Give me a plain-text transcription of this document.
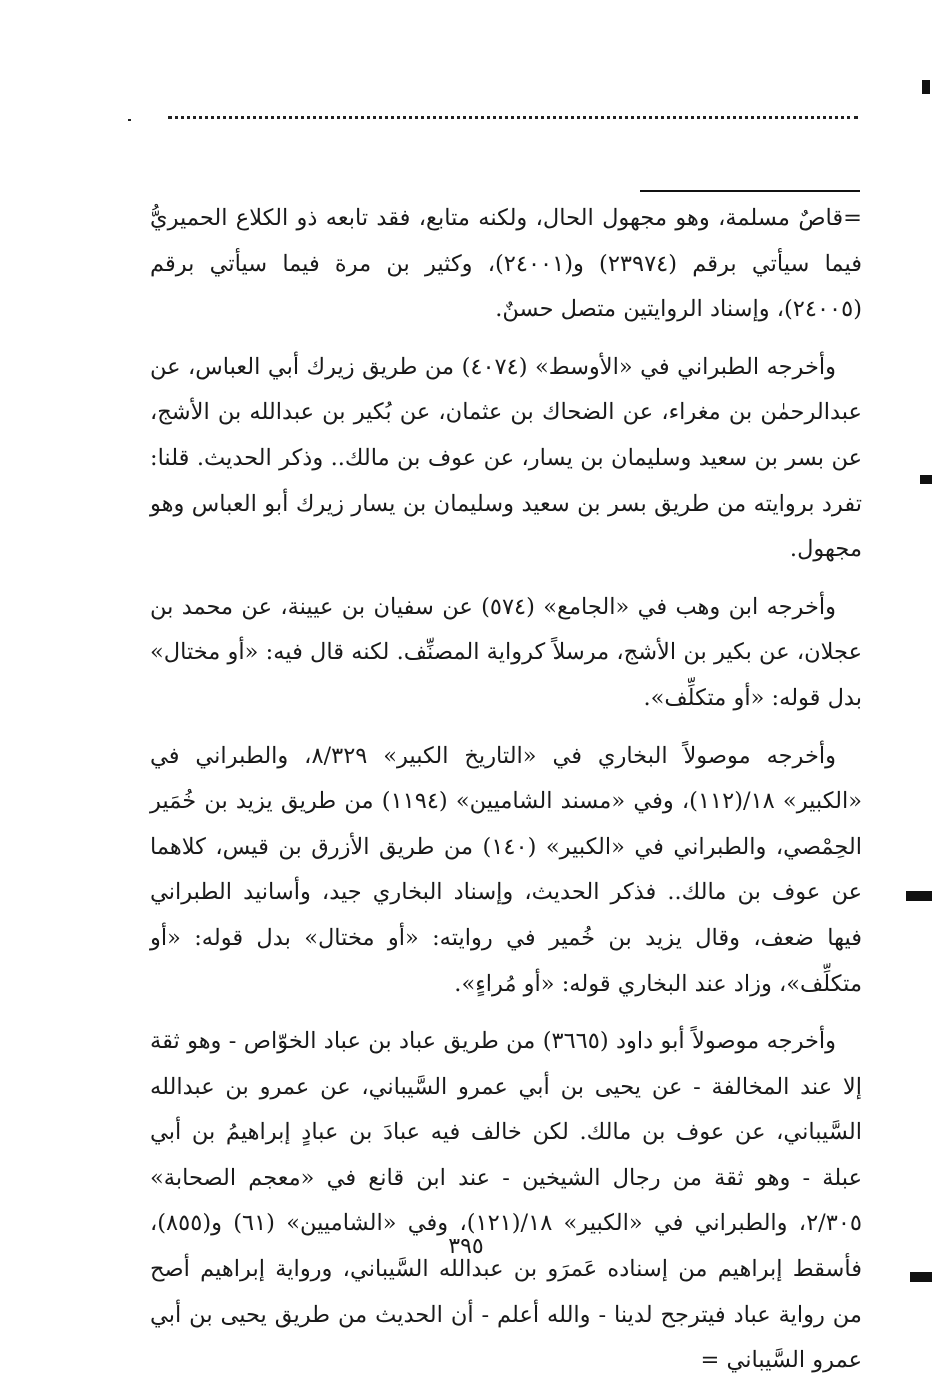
=قاصٌ مسلمة، وهو مجهول الحال، ولكنه متابع، فقد تابعه ذو الكلاع الحميريُّ فيما سيأتي برقم (٢٣٩٧٤) و(٢٤٠٠١)، وكثير بن مرة فيما سيأتي برقم (٢٤٠٠٥)، وإسناد الروايتين متصل حسنٌ.

وأخرجه الطبراني في «الأوسط» (٤٠٧٤) من طريق زيرك أبي العباس، عن عبدالرحمٰن بن مغراء، عن الضحاك بن عثمان، عن بُكير بن عبدالله بن الأشج، عن بسر بن سعيد وسليمان بن يسار، عن عوف بن مالك.. وذكر الحديث. قلنا: تفرد بروايته من طريق بسر بن سعيد وسليمان بن يسار زيرك أبو العباس وهو مجهول.

وأخرجه ابن وهب في «الجامع» (٥٧٤) عن سفيان بن عيينة، عن محمد بن عجلان، عن بكير بن الأشج، مرسلاً كرواية المصنِّف. لكنه قال فيه: «أو مختال» بدل قوله: «أو متكلِّف».

وأخرجه موصولاً البخاري في «التاريخ الكبير» ٨/٣٢٩، والطبراني في «الكبير» ١٨/(١١٢)، وفي «مسند الشاميين» (١١٩٤) من طريق يزيد بن خُمَير الحِمْصي، والطبراني في «الكبير» (١٤٠) من طريق الأزرق بن قيس، كلاهما عن عوف بن مالك.. فذكر الحديث، وإسناد البخاري جيد، وأسانيد الطبراني فيها ضعف، وقال يزيد بن خُمير في روايته: «أو مختال» بدل قوله: «أو متكلِّف»، وزاد عند البخاري قوله: «أو مُراءٍ».

وأخرجه موصولاً أبو داود (٣٦٦٥) من طريق عباد بن عباد الخوّاص - وهو ثقة إلا عند المخالفة - عن يحيى بن أبي عمرو السَّيباني، عن عمرو بن عبدالله السَّيباني، عن عوف بن مالك. لكن خالف فيه عبادَ بن عبادٍ إبراهيمُ بن أبي عبلة - وهو ثقة من رجال الشيخين - عند ابن قانع في «معجم الصحابة» ٢/٣٠٥، والطبراني في «الكبير» ١٨/(١٢١)، وفي «الشاميين» (٦١) و(٨٥٥)، فأسقط إبراهيم من إسناده عَمرَو بن عبدالله السَّيباني، ورواية إبراهيم أصح من رواية عباد فيترجح لدينا - والله أعلم - أن الحديث من طريق يحيى بن أبي عمرو السَّيباني =

٣٩٥
